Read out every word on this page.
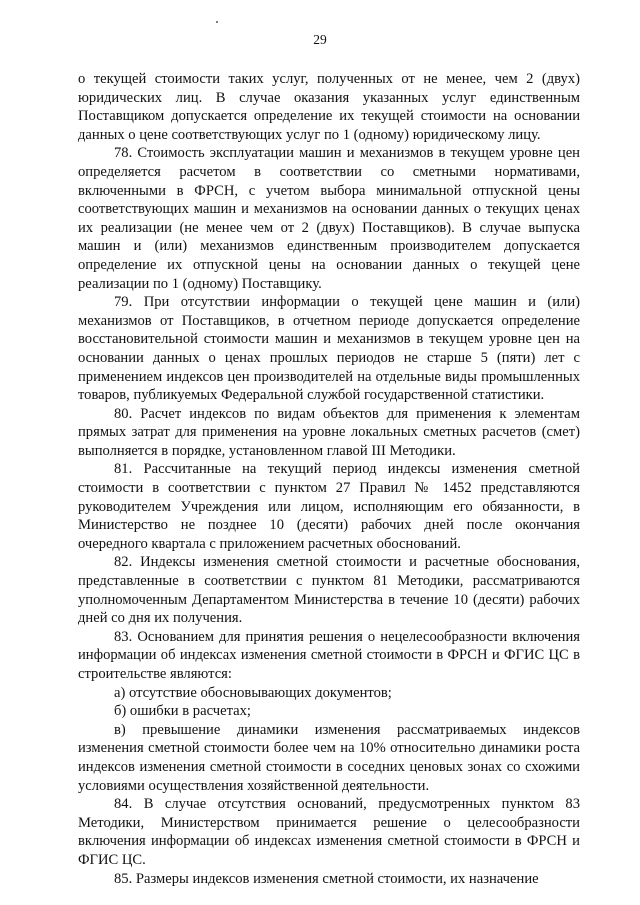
29

о текущей стоимости таких услуг, полученных от не менее, чем 2 (двух) юридических лиц. В случае оказания указанных услуг единственным Поставщиком допускается определение их текущей стоимости на основании данных о цене соответствующих услуг по 1 (одному) юридическому лицу.

78. Стоимость эксплуатации машин и механизмов в текущем уровне цен определяется расчетом в соответствии со сметными нормативами, включенными в ФРСН, с учетом выбора минимальной отпускной цены соответствующих машин и механизмов на основании данных о текущих ценах их реализации (не менее чем от 2 (двух) Поставщиков). В случае выпуска машин и (или) механизмов единственным производителем допускается определение их отпускной цены на основании данных о текущей цене реализации по 1 (одному) Поставщику.

79. При отсутствии информации о текущей цене машин и (или) механизмов от Поставщиков, в отчетном периоде допускается определение восстановительной стоимости машин и механизмов в текущем уровне цен на основании данных о ценах прошлых периодов не старше 5 (пяти) лет с применением индексов цен производителей на отдельные виды промышленных товаров, публикуемых Федеральной службой государственной статистики.

80. Расчет индексов по видам объектов для применения к элементам прямых затрат для применения на уровне локальных сметных расчетов (смет) выполняется в порядке, установленном главой III Методики.

81. Рассчитанные на текущий период индексы изменения сметной стоимости в соответствии с пунктом 27 Правил № 1452 представляются руководителем Учреждения или лицом, исполняющим его обязанности, в Министерство не позднее 10 (десяти) рабочих дней после окончания очередного квартала с приложением расчетных обоснований.

82. Индексы изменения сметной стоимости и расчетные обоснования, представленные в соответствии с пунктом 81 Методики, рассматриваются уполномоченным Департаментом Министерства в течение 10 (десяти) рабочих дней со дня их получения.

83. Основанием для принятия решения о нецелесообразности включения информации об индексах изменения сметной стоимости в ФРСН и ФГИС ЦС в строительстве являются:

а) отсутствие обосновывающих документов;

б) ошибки в расчетах;

в) превышение динамики изменения рассматриваемых индексов изменения сметной стоимости более чем на 10% относительно динамики роста индексов изменения сметной стоимости в соседних ценовых зонах со схожими условиями осуществления хозяйственной деятельности.

84. В случае отсутствия оснований, предусмотренных пунктом 83 Методики, Министерством принимается решение о целесообразности включения информации об индексах изменения сметной стоимости в ФРСН и ФГИС ЦС.

85. Размеры индексов изменения сметной стоимости, их назначение
